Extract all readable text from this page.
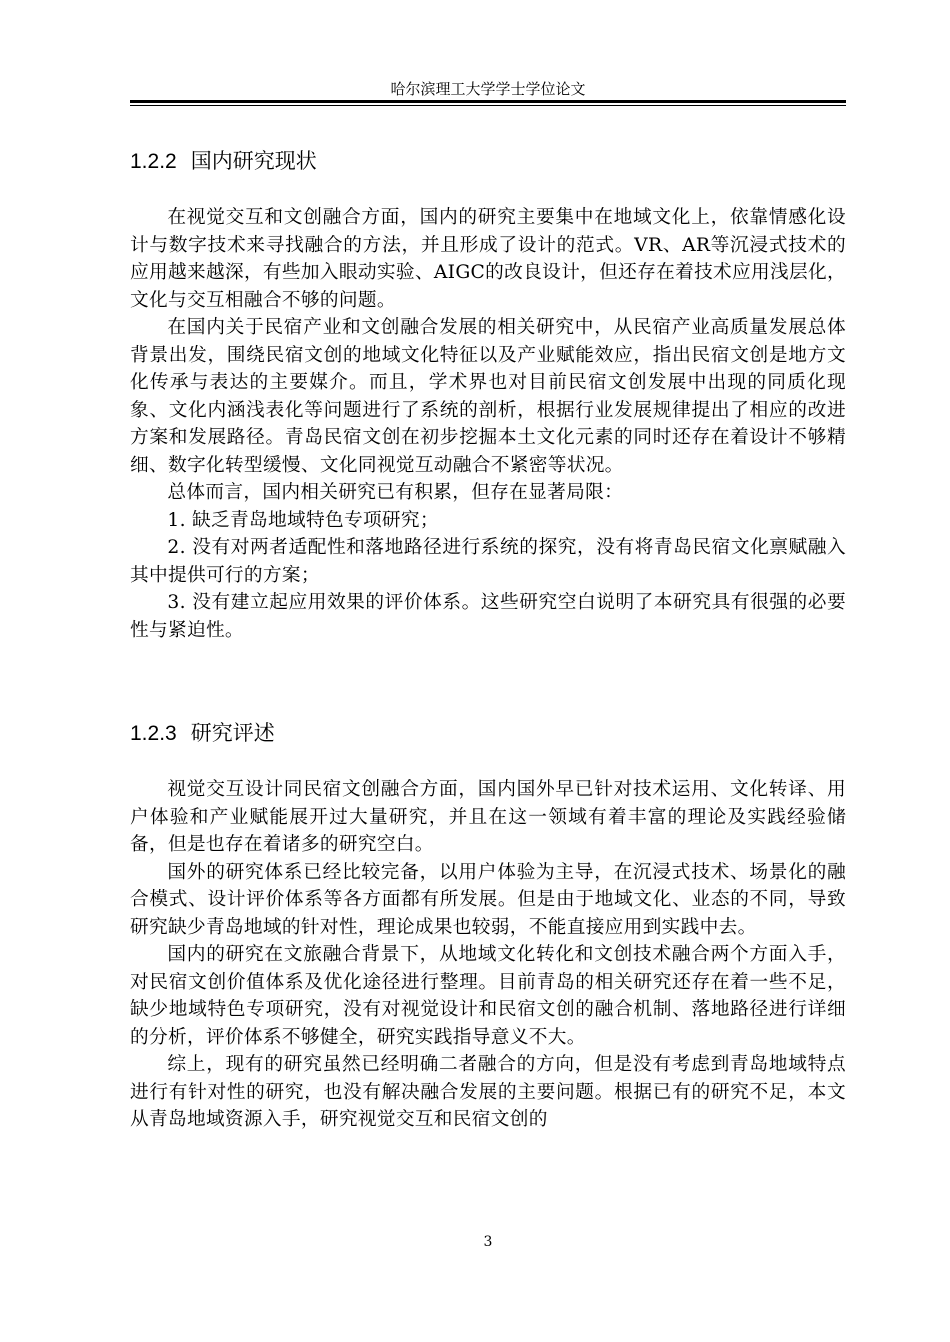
哈尔滨理工大学学士学位论文
1.2.2 国内研究现状

在视觉交互和文创融合方面，国内的研究主要集中在地域文化上，依靠情感化设计与数字技术来寻找融合的方法，并且形成了设计的范式。VR、AR等沉浸式技术的应用越来越深，有些加入眼动实验、AIGC的改良设计，但还存在着技术应用浅层化，文化与交互相融合不够的问题。

在国内关于民宿产业和文创融合发展的相关研究中，从民宿产业高质量发展总体背景出发，围绕民宿文创的地域文化特征以及产业赋能效应，指出民宿文创是地方文化传承与表达的主要媒介。而且，学术界也对目前民宿文创发展中出现的同质化现象、文化内涵浅表化等问题进行了系统的剖析，根据行业发展规律提出了相应的改进方案和发展路径。青岛民宿文创在初步挖掘本土文化元素的同时还存在着设计不够精细、数字化转型缓慢、文化同视觉互动融合不紧密等状况。

总体而言，国内相关研究已有积累，但存在显著局限：

1. 缺乏青岛地域特色专项研究；

2. 没有对两者适配性和落地路径进行系统的探究，没有将青岛民宿文化禀赋融入其中提供可行的方案；

3. 没有建立起应用效果的评价体系。这些研究空白说明了本研究具有很强的必要性与紧迫性。

1.2.3 研究评述

视觉交互设计同民宿文创融合方面，国内国外早已针对技术运用、文化转译、用户体验和产业赋能展开过大量研究，并且在这一领域有着丰富的理论及实践经验储备，但是也存在着诸多的研究空白。

国外的研究体系已经比较完备，以用户体验为主导，在沉浸式技术、场景化的融合模式、设计评价体系等各方面都有所发展。但是由于地域文化、业态的不同，导致研究缺少青岛地域的针对性，理论成果也较弱，不能直接应用到实践中去。

国内的研究在文旅融合背景下，从地域文化转化和文创技术融合两个方面入手，对民宿文创价值体系及优化途径进行整理。目前青岛的相关研究还存在着一些不足，缺少地域特色专项研究，没有对视觉设计和民宿文创的融合机制、落地路径进行详细的分析，评价体系不够健全，研究实践指导意义不大。

综上，现有的研究虽然已经明确二者融合的方向，但是没有考虑到青岛地域特点进行有针对性的研究，也没有解决融合发展的主要问题。根据已有的研究不足，本文从青岛地域资源入手，研究视觉交互和民宿文创的

3
